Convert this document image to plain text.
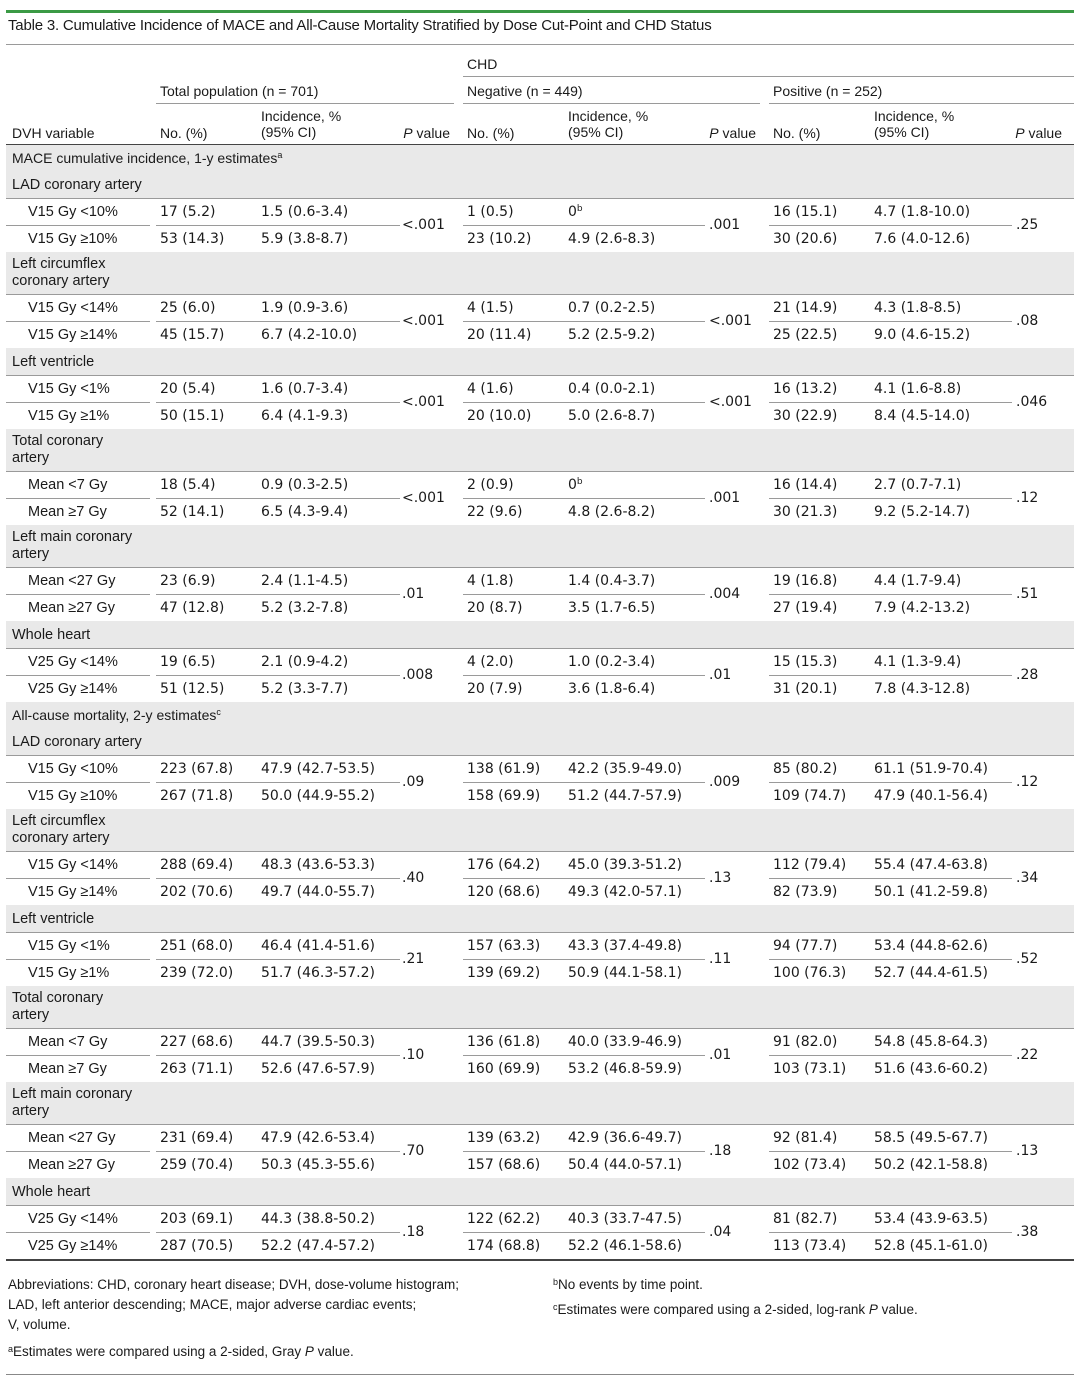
Table 3. Cumulative Incidence of MACE and All-Cause Mortality Stratified by Dose Cut-Point and CHD Status
CHD
Total population (n = 701)	Negative (n = 449)	Positive (n = 252)
DVH variable	No. (%)
Incidence, %
(95% CI)	P value No. (%)
Incidence, %
(95% CI)	P value No. (%)
Incidence, %
(95% CI)	P value
MACE cumulative incidence, 1-y estimates$^a$
LAD coronary artery
V15 Gy <10%	17 (5.2)	1.5 (0.6-3.4)	1 (0.5)	0$^b$	16 (15.1)	4.7 (1.8-10.0)
V15 Gy ≥10%	53 (14.3)	5.9 (3.8-8.7)	23 (10.2)	4.9 (2.6-8.3)	30 (20.6)	7.6 (4.0-12.6)
<.001	.001	.25
Left circumflex
coronary artery
V15 Gy <14%	25 (6.0)	1.9 (0.9-3.6)	4 (1.5)	0.7 (0.2-2.5)	21 (14.9)	4.3 (1.8-8.5)
V15 Gy ≥14%	45 (15.7)	6.7 (4.2-10.0)	20 (11.4)	5.2 (2.5-9.2)	25 (22.5)	9.0 (4.6-15.2)
<.001	<.001	.08
Left ventricle
V15 Gy <1%	20 (5.4)	1.6 (0.7-3.4)	4 (1.6)	0.4 (0.0-2.1)	16 (13.2)	4.1 (1.6-8.8)
V15 Gy ≥1%	50 (15.1)	6.4 (4.1-9.3)	20 (10.0)	5.0 (2.6-8.7)	30 (22.9)	8.4 (4.5-14.0)
<.001	<.001	.046
Total coronary
artery
Mean <7 Gy	18 (5.4)	0.9 (0.3-2.5)	2 (0.9)	0$^b$	16 (14.4)	2.7 (0.7-7.1)
Mean ≥7 Gy	52 (14.1)	6.5 (4.3-9.4)	22 (9.6)	4.8 (2.6-8.2)	30 (21.3)	9.2 (5.2-14.7)
<.001	.001	.12
Left main coronary
artery
Mean <27 Gy	23 (6.9)	2.4 (1.1-4.5)	4 (1.8)	1.4 (0.4-3.7)	19 (16.8)	4.4 (1.7-9.4)
Mean ≥27 Gy	47 (12.8)	5.2 (3.2-7.8)	20 (8.7)	3.5 (1.7-6.5)	27 (19.4)	7.9 (4.2-13.2)
.01	.004	.51
Whole heart
V25 Gy <14%	19 (6.5)	2.1 (0.9-4.2)	4 (2.0)	1.0 (0.2-3.4)	15 (15.3)	4.1 (1.3-9.4)
V25 Gy ≥14%	51 (12.5)	5.2 (3.3-7.7)	20 (7.9)	3.6 (1.8-6.4)	31 (20.1)	7.8 (4.3-12.8)
.008	.01	.28
All-cause mortality, 2-y estimates$^c$
LAD coronary artery
V15 Gy <10%	223 (67.8) 47.9 (42.7-53.5)	138 (61.9) 42.2 (35.9-49.0)	85 (80.2)	61.1 (51.9-70.4)
V15 Gy ≥10%	267 (71.8) 50.0 (44.9-55.2)	158 (69.9) 51.2 (44.7-57.9)	109 (74.7) 47.9 (40.1-56.4)
.09	.009	.12
Left circumflex
coronary artery
V15 Gy <14%	288 (69.4) 48.3 (43.6-53.3)	176 (64.2) 45.0 (39.3-51.2)	112 (79.4) 55.4 (47.4-63.8)
V15 Gy ≥14%	202 (70.6) 49.7 (44.0-55.7)	120 (68.6) 49.3 (42.0-57.1)	82 (73.9)	50.1 (41.2-59.8)
.40	.13	.34
Left ventricle
V15 Gy <1%	251 (68.0) 46.4 (41.4-51.6)	157 (63.3) 43.3 (37.4-49.8)	94 (77.7)	53.4 (44.8-62.6)
V15 Gy ≥1%	239 (72.0) 51.7 (46.3-57.2)	139 (69.2) 50.9 (44.1-58.1)	100 (76.3) 52.7 (44.4-61.5)
.21	.11	.52
Total coronary
artery
Mean <7 Gy	227 (68.6) 44.7 (39.5-50.3)	136 (61.8) 40.0 (33.9-46.9)	91 (82.0)	54.8 (45.8-64.3)
Mean ≥7 Gy	263 (71.1) 52.6 (47.6-57.9)	160 (69.9) 53.2 (46.8-59.9)	103 (73.1) 51.6 (43.6-60.2)
.10	.01	.22
Left main coronary
artery
Mean <27 Gy	231 (69.4) 47.9 (42.6-53.4)	139 (63.2) 42.9 (36.6-49.7)	92 (81.4)	58.5 (49.5-67.7)
Mean ≥27 Gy	259 (70.4) 50.3 (45.3-55.6)	157 (68.6) 50.4 (44.0-57.1)	102 (73.4) 50.2 (42.1-58.8)
.70	.18	.13
Whole heart
V25 Gy <14%	203 (69.1) 44.3 (38.8-50.2)	122 (62.2) 40.3 (33.7-47.5)	81 (82.7)	53.4 (43.9-63.5)
V25 Gy ≥14%	287 (70.5) 52.2 (47.4-57.2)	174 (68.8) 52.2 (46.1-58.6)	113 (73.4) 52.8 (45.1-61.0)
.18	.04	.38
Abbreviations: CHD, coronary heart disease; DVH, dose-volume histogram;
LAD, left anterior descending; MACE, major adverse cardiac events;
V, volume.
$^a$Estimates were compared using a 2-sided, Gray P value.
$^b$No events by time point.
$^c$Estimates were compared using a 2-sided, log-rank P value.
